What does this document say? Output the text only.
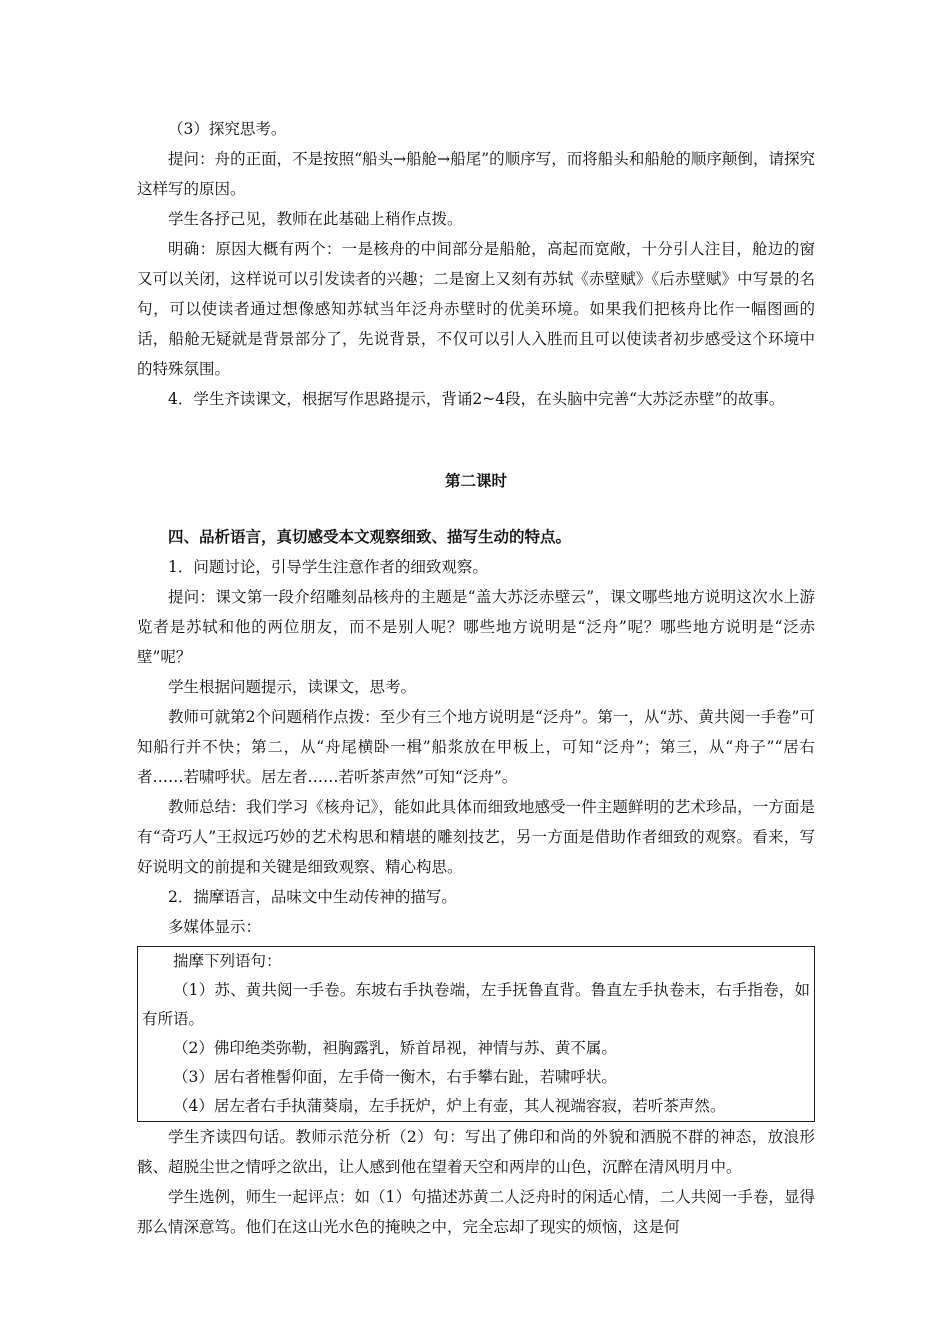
（3）探究思考。

提问：舟的正面，不是按照“船头→船舱→船尾”的顺序写，而将船头和船舱的顺序颠倒，请探究这样写的原因。

学生各抒己见，教师在此基础上稍作点拨。

明确：原因大概有两个：一是核舟的中间部分是船舱，高起而宽敞，十分引人注目，舱边的窗又可以关闭，这样说可以引发读者的兴趣；二是窗上又刻有苏轼《赤壁赋》《后赤壁赋》中写景的名句，可以使读者通过想像感知苏轼当年泛舟赤壁时的优美环境。如果我们把核舟比作一幅图画的话，船舱无疑就是背景部分了，先说背景，不仅可以引人入胜而且可以使读者初步感受这个环境中的特殊氛围。

4．学生齐读课文，根据写作思路提示，背诵2~4段，在头脑中完善“大苏泛赤壁”的故事。

第二课时

四、品析语言，真切感受本文观察细致、描写生动的特点。

1．问题讨论，引导学生注意作者的细致观察。

提问：课文第一段介绍雕刻品核舟的主题是“盖大苏泛赤壁云”，课文哪些地方说明这次水上游览者是苏轼和他的两位朋友，而不是别人呢？哪些地方说明是“泛舟”呢？哪些地方说明是“泛赤壁”呢？

学生根据问题提示，读课文，思考。

教师可就第2个问题稍作点拨：至少有三个地方说明是“泛舟”。第一，从“苏、黄共阅一手卷”可知船行并不快；第二，从“舟尾横卧一楫”船浆放在甲板上，可知“泛舟”；第三，从“舟子”“居右者……若啸呼状。居左者……若听茶声然”可知“泛舟”。

教师总结：我们学习《核舟记》，能如此具体而细致地感受一件主题鲜明的艺术珍品，一方面是有“奇巧人”王叔远巧妙的艺术构思和精堪的雕刻技艺，另一方面是借助作者细致的观察。看来，写好说明文的前提和关键是细致观察、精心构思。

2．揣摩语言，品味文中生动传神的描写。

多媒体显示：

揣摩下列语句：

（1）苏、黄共阅一手卷。东坡右手执卷端，左手抚鲁直背。鲁直左手执卷末，右手指卷，如有所语。

（2）佛印绝类弥勒，袒胸露乳，矫首昂视，神情与苏、黄不属。

（3）居右者椎髻仰面，左手倚一衡木，右手攀右趾，若啸呼状。

（4）居左者右手执蒲葵扇，左手抚炉，炉上有壶，其人视端容寂，若听茶声然。

学生齐读四句话。教师示范分析（2）句：写出了佛印和尚的外貌和洒脱不群的神态，放浪形骸、超脱尘世之情呼之欲出，让人感到他在望着天空和两岸的山色，沉醉在清风明月中。

学生选例，师生一起评点：如（1）句描述苏黄二人泛舟时的闲适心情，二人共阅一手卷，显得那么情深意笃。他们在这山光水色的掩映之中，完全忘却了现实的烦恼，这是何
